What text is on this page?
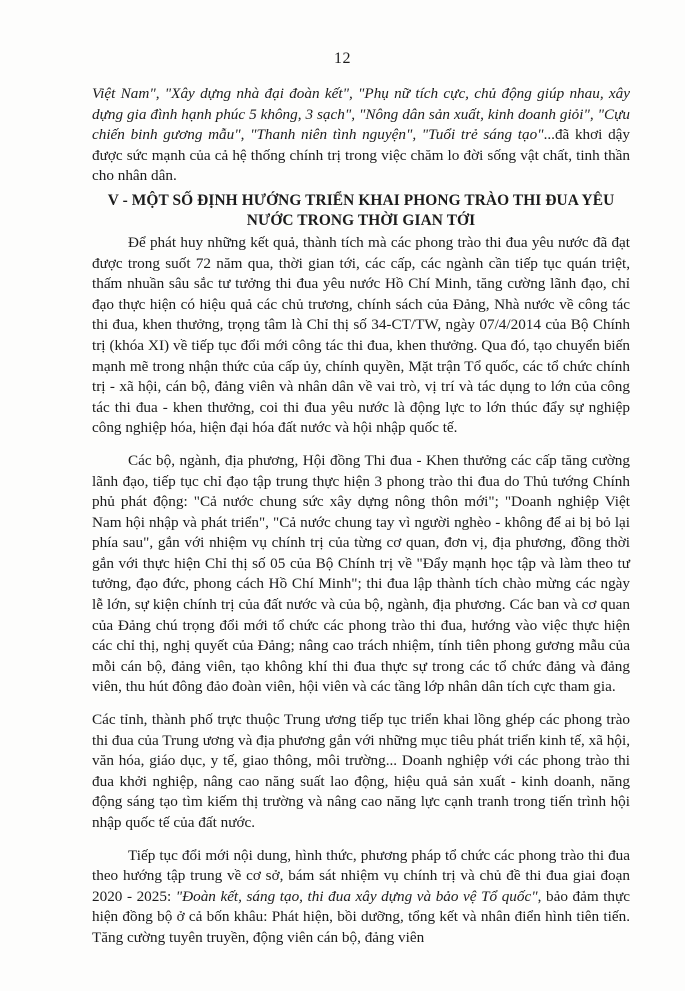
12

Việt Nam", "Xây dựng nhà đại đoàn kết", "Phụ nữ tích cực, chủ động giúp nhau, xây dựng gia đình hạnh phúc 5 không, 3 sạch", "Nông dân sản xuất, kinh doanh giỏi", "Cựu chiến binh gương mẫu", "Thanh niên tình nguyện", "Tuổi trẻ sáng tạo"...đã khơi dậy được sức mạnh của cả hệ thống chính trị trong việc chăm lo đời sống vật chất, tinh thần cho nhân dân.

V - MỘT SỐ ĐỊNH HƯỚNG TRIỂN KHAI PHONG TRÀO THI ĐUA YÊU NƯỚC TRONG THỜI GIAN TỚI

Để phát huy những kết quả, thành tích mà các phong trào thi đua yêu nước đã đạt được trong suốt 72 năm qua, thời gian tới, các cấp, các ngành cần tiếp tục quán triệt, thấm nhuần sâu sắc tư tưởng thi đua yêu nước Hồ Chí Minh, tăng cường lãnh đạo, chỉ đạo thực hiện có hiệu quả các chủ trương, chính sách của Đảng, Nhà nước về công tác thi đua, khen thưởng, trọng tâm là Chỉ thị số 34-CT/TW, ngày 07/4/2014 của Bộ Chính trị (khóa XI) về tiếp tục đổi mới công tác thi đua, khen thưởng. Qua đó, tạo chuyển biến mạnh mẽ trong nhận thức của cấp ủy, chính quyền, Mặt trận Tổ quốc, các tổ chức chính trị - xã hội, cán bộ, đảng viên và nhân dân về vai trò, vị trí và tác dụng to lớn của công tác thi đua - khen thưởng, coi thi đua yêu nước là động lực to lớn thúc đẩy sự nghiệp công nghiệp hóa, hiện đại hóa đất nước và hội nhập quốc tế.

Các bộ, ngành, địa phương, Hội đồng Thi đua - Khen thưởng các cấp tăng cường lãnh đạo, tiếp tục chỉ đạo tập trung thực hiện 3 phong trào thi đua do Thủ tướng Chính phủ phát động: "Cả nước chung sức xây dựng nông thôn mới"; "Doanh nghiệp Việt Nam hội nhập và phát triển", "Cả nước chung tay vì người nghèo - không để ai bị bỏ lại phía sau", gắn với nhiệm vụ chính trị của từng cơ quan, đơn vị, địa phương, đồng thời gắn với thực hiện Chỉ thị số 05 của Bộ Chính trị về "Đẩy mạnh học tập và làm theo tư tưởng, đạo đức, phong cách Hồ Chí Minh"; thi đua lập thành tích chào mừng các ngày lễ lớn, sự kiện chính trị của đất nước và của bộ, ngành, địa phương. Các ban và cơ quan của Đảng chú trọng đổi mới tổ chức các phong trào thi đua, hướng vào việc thực hiện các chỉ thị, nghị quyết của Đảng; nâng cao trách nhiệm, tính tiên phong gương mẫu của mỗi cán bộ, đảng viên, tạo không khí thi đua thực sự trong các tổ chức đảng và đảng viên, thu hút đông đảo đoàn viên, hội viên và các tầng lớp nhân dân tích cực tham gia.

Các tỉnh, thành phố trực thuộc Trung ương tiếp tục triển khai lồng ghép các phong trào thi đua của Trung ương và địa phương gắn với những mục tiêu phát triển kinh tế, xã hội, văn hóa, giáo dục, y tế, giao thông, môi trường... Doanh nghiệp với các phong trào thi đua khởi nghiệp, nâng cao năng suất lao động, hiệu quả sản xuất - kinh doanh, năng động sáng tạo tìm kiếm thị trường và nâng cao năng lực cạnh tranh trong tiến trình hội nhập quốc tế của đất nước.

Tiếp tục đổi mới nội dung, hình thức, phương pháp tổ chức các phong trào thi đua theo hướng tập trung về cơ sở, bám sát nhiệm vụ chính trị và chủ đề thi đua giai đoạn 2020 - 2025: "Đoàn kết, sáng tạo, thi đua xây dựng và bảo vệ Tổ quốc", bảo đảm thực hiện đồng bộ ở cả bốn khâu: Phát hiện, bồi dưỡng, tổng kết và nhân điển hình tiên tiến. Tăng cường tuyên truyền, động viên cán bộ, đảng viên
